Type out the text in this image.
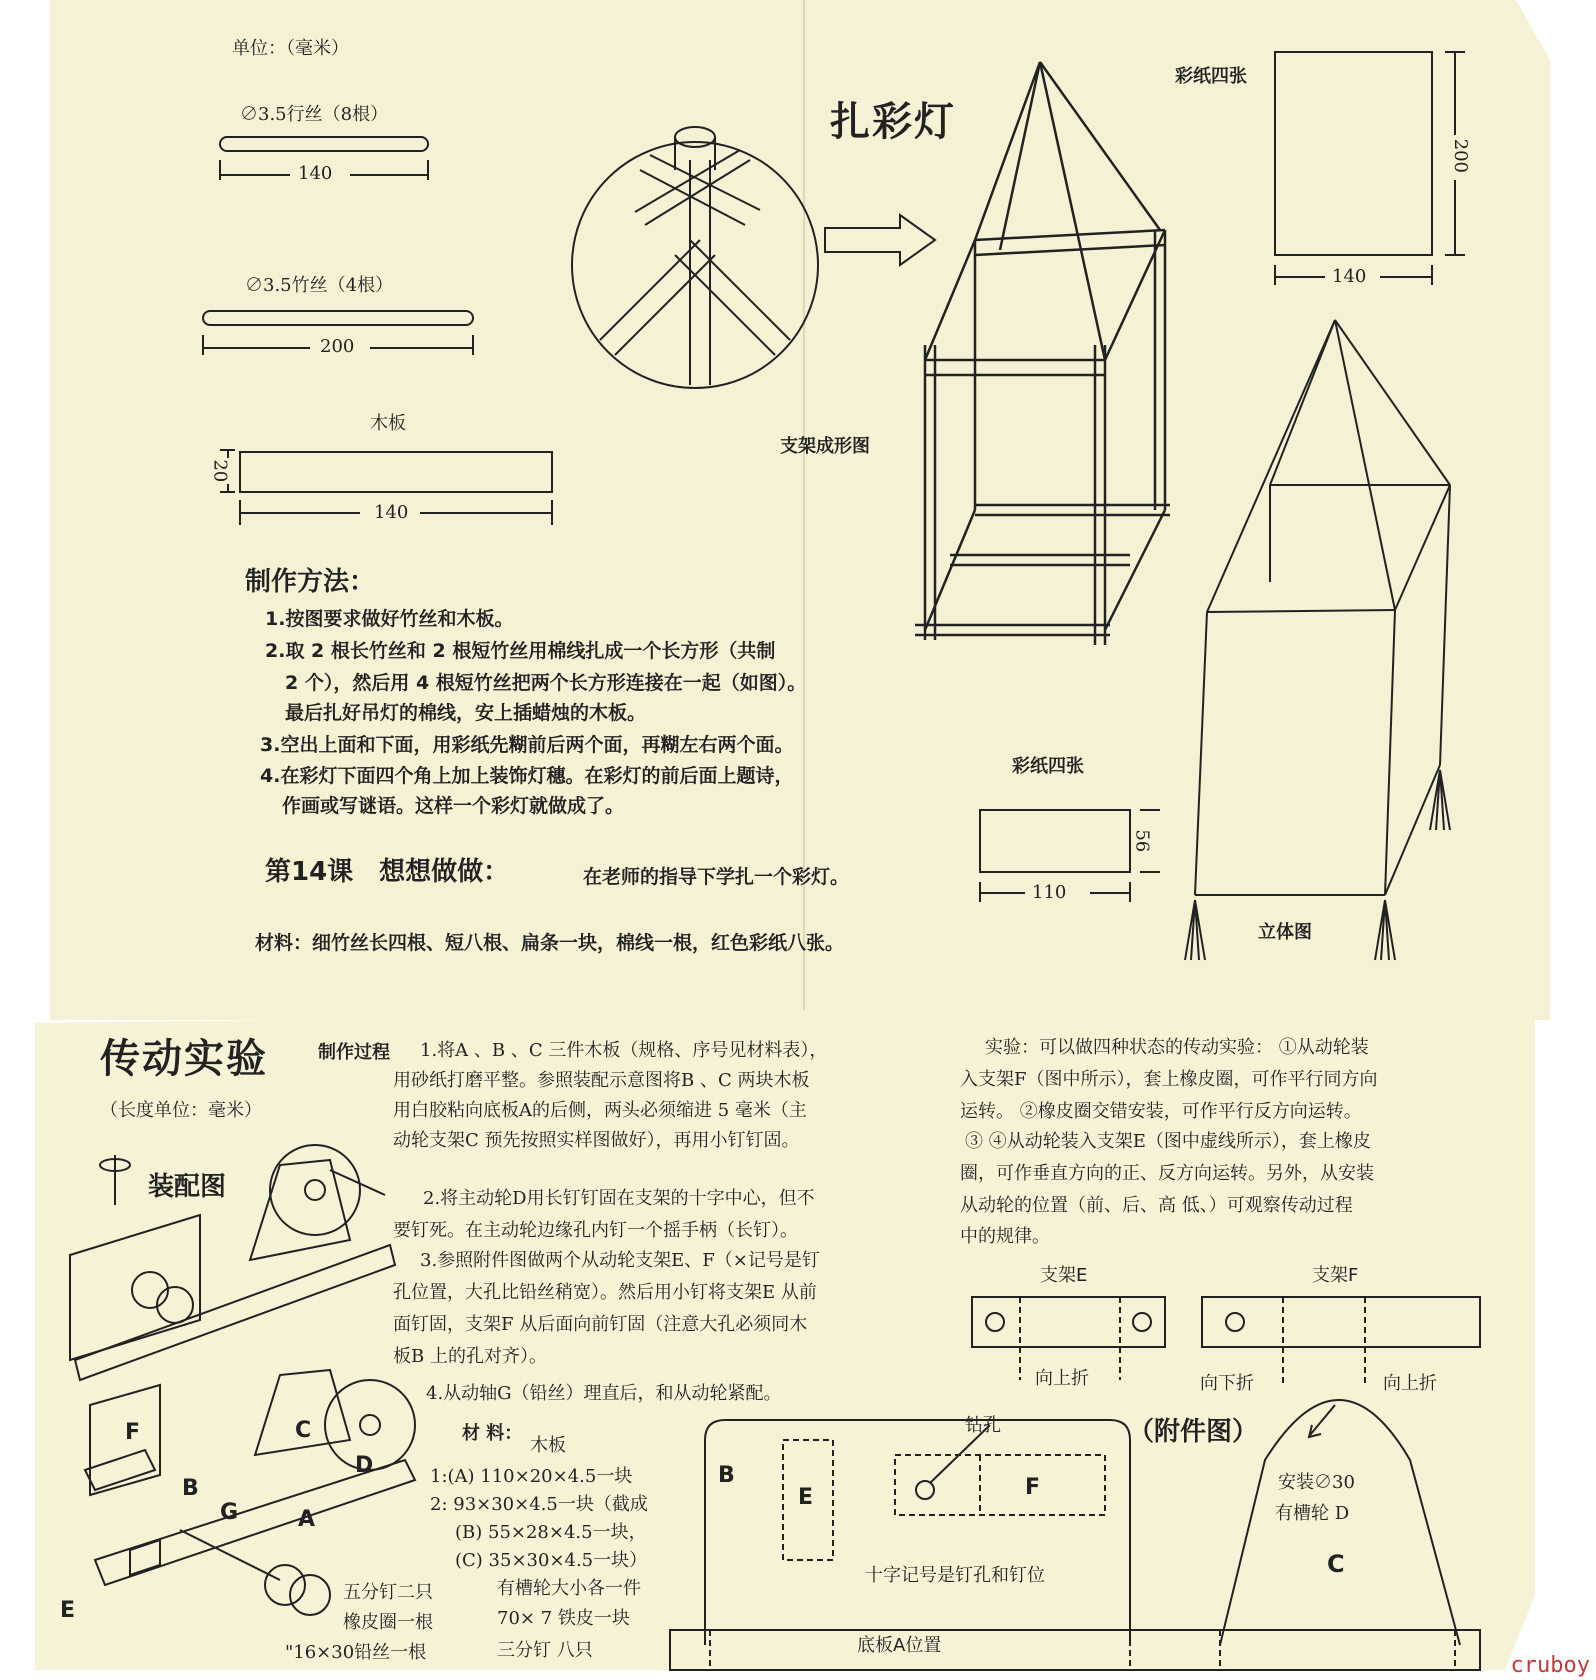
单位：（毫米）
∅3.5行丝（8根）
140
∅3.5竹丝（4根）
200
木板
20
140
扎彩灯
支架成形图
彩纸四张
200
140
彩纸四张
56
110
立体图
制作方法：
1.按图要求做好竹丝和木板。
2.取 2 根长竹丝和 2 根短竹丝用棉线扎成一个长方形（共制
2 个），然后用 4 根短竹丝把两个长方形连接在一起（如图）。
最后扎好吊灯的棉线，安上插蜡烛的木板。
3.空出上面和下面，用彩纸先糊前后两个面，再糊左右两个面。
4.在彩灯下面四个角上加上装饰灯穗。在彩灯的前后面上题诗，
作画或写谜语。这样一个彩灯就做成了。
第14课　想想做做：	在老师的指导下学扎一个彩灯。
材料：细竹丝长四根、短八根、扁条一块，棉线一根，红色彩纸八张。
传动实验
（长度单位：毫米）
装配图
制作过程 1.将A 、B 、C 三件木板（规格、序号见材料表），
用砂纸打磨平整。参照装配示意图将B 、C 两块木板
用白胶粘向底板A的后侧，两头必须缩进 5 毫米（主
动轮支架C 预先按照实样图做好），再用小钉钉固。
2.将主动轮D用长钉钉固在支架的十字中心，但不
要钉死。在主动轮边缘孔内钉一个摇手柄（长钉）。
3.参照附件图做两个从动轮支架E、F（×记号是钉
孔位置，大孔比铅丝稍宽）。然后用小钉将支架E 从前
面钉固，支架F 从后面向前钉固（注意大孔必须同木
板B 上的孔对齐）。
4.从动轴G（铅丝）理直后，和从动轮紧配。
实验：可以做四种状态的传动实验： ①从动轮装
入支架F（图中所示），套上橡皮圈，可作平行同方向
运转。 ②橡皮圈交错安装，可作平行反方向运转。
③ ④从动轮装入支架E（图中虚线所示），套上橡皮
圈，可作垂直方向的正、反方向运转。另外，从安装
从动轮的位置（前、后、高 低、）可观察传动过程
中的规律。
支架E	支架F
向上折	向下折	向上折
材 料：
木板
1:(A) 110×20×4.5一块
2: 93×30×4.5一块（截成
(B) 55×28×4.5一块，
(C) 35×30×4.5一块）
五分钉二只
橡皮圈一根
"16×30铅丝一根
有槽轮大小各一件
70× 7 铁皮一块
三分钉 八只
钻孔	（附件图）
安装∅30
有槽轮 D
十字记号是钉孔和钉位
底板A位置
C
D
B
G	A
F
E
B
E	F
C
cruboy
